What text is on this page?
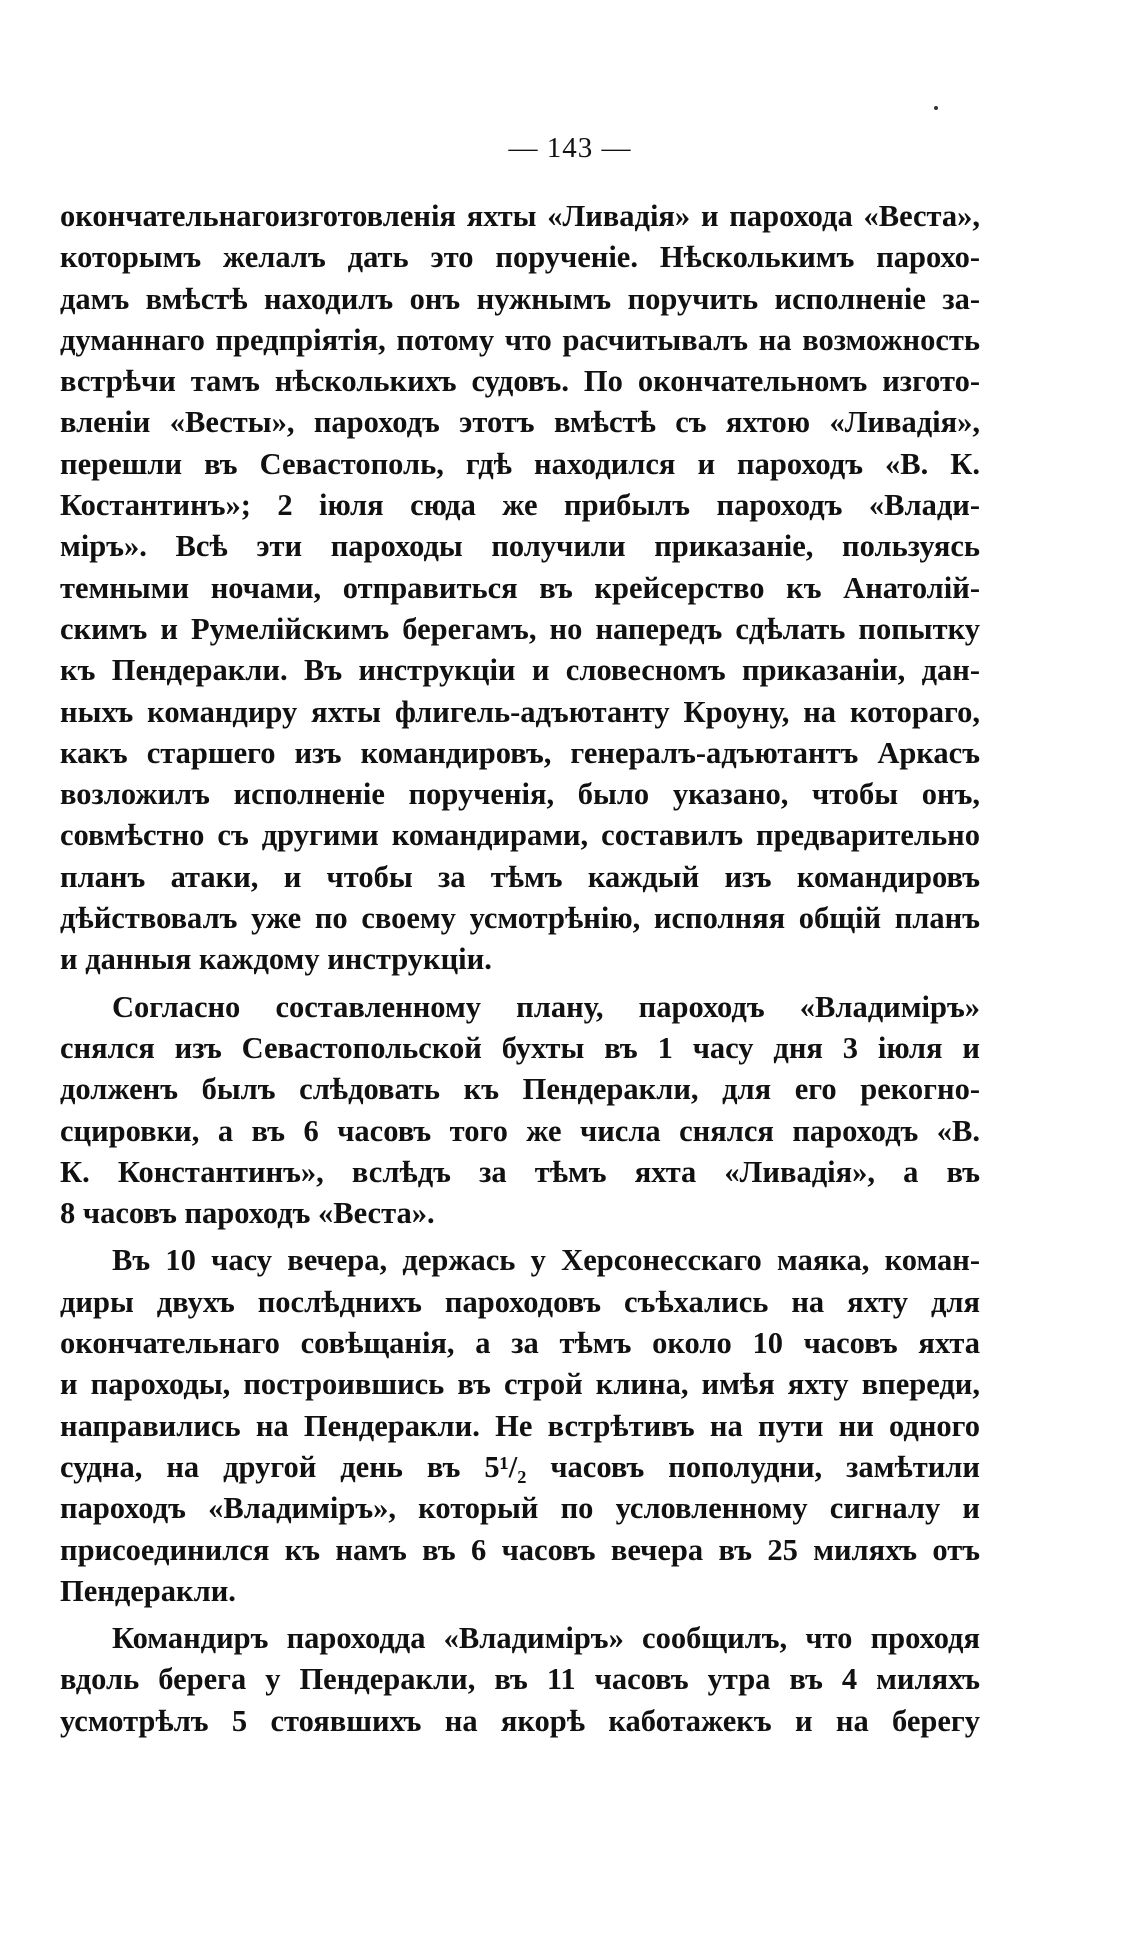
— 143 —
окончательнагоизготовленія яхты «Ливадія» и парохода «Веста»,
которымъ желалъ дать это порученіе. Нѣсколькимъ парохо-
дамъ вмѣстѣ находилъ онъ нужнымъ поручить исполненіе за-
думаннаго предпріятія, потому что расчитывалъ на возможность
встрѣчи тамъ нѣсколькихъ судовъ. По окончательномъ изгото-
вленіи «Весты», пароходъ этотъ вмѣстѣ съ яхтою «Ливадія»,
перешли въ Севастополь, гдѣ находился и пароходъ «В. К.
Костантинъ»; 2 іюля сюда же прибылъ пароходъ «Влади-
міръ». Всѣ эти пароходы получили приказаніе, пользуясь
темными ночами, отправиться въ крейсерство къ Анатолій-
скимъ и Румелійскимъ берегамъ, но напередъ сдѣлать попытку
къ Пендеракли. Въ инструкціи и словесномъ приказаніи, дан-
ныхъ командиру яхты флигель-адъютанту Кроуну, на котораго,
какъ старшего изъ командировъ, генералъ-адъютантъ Аркасъ
возложилъ исполненіе порученія, было указано, чтобы онъ,
совмѣстно съ другими командирами, составилъ предварительно
планъ атаки, и чтобы за тѣмъ каждый изъ командировъ
дѣйствовалъ уже по своему усмотрѣнію, исполняя общій планъ
и данныя каждому инструкціи.
Согласно составленному плану, пароходъ «Владиміръ»
снялся изъ Севастопольской бухты въ 1 часу дня 3 іюля и
долженъ былъ слѣдовать къ Пендеракли, для его рекогно-
сцировки, а въ 6 часовъ того же числа снялся пароходъ «В.
К. Константинъ», вслѣдъ за тѣмъ яхта «Ливадія», а въ
8 часовъ пароходъ «Веста».
Въ 10 часу вечера, держась у Херсонесскаго маяка, коман-
диры двухъ послѣднихъ пароходовъ съѣхались на яхту для
окончательнаго совѣщанія, а за тѣмъ около 10 часовъ яхта
и пароходы, построившись въ строй клина, имѣя яхту впереди,
направились на Пендеракли. Не встрѣтивъ на пути ни одного
судна, на другой день въ 5¹/₂ часовъ пополудни, замѣтили
пароходъ «Владиміръ», который по условленному сигналу и
присоединился къ намъ въ 6 часовъ вечера въ 25 миляхъ отъ
Пендеракли.
Командиръ пароходда «Владиміръ» сообщилъ, что проходя
вдоль берега у Пендеракли, въ 11 часовъ утра въ 4 миляхъ
усмотрѣлъ 5 стоявшихъ на якорѣ каботажекъ и на берегу
